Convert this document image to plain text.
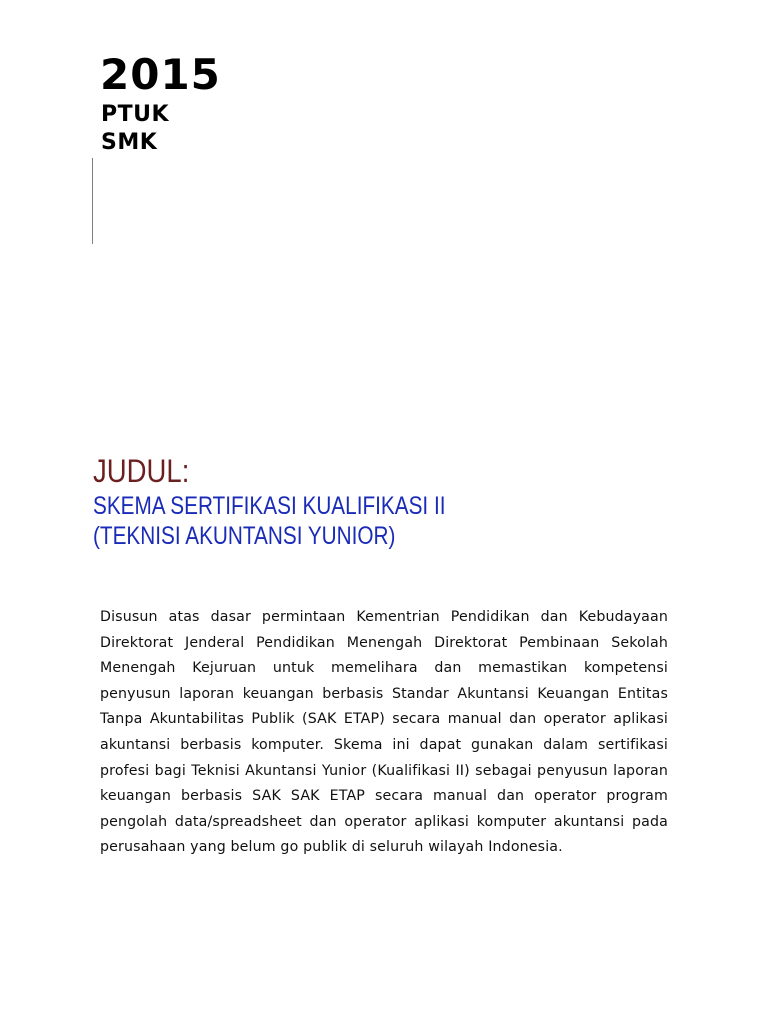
2015
PTUK
SMK
JUDUL:
SKEMA SERTIFIKASI KUALIFIKASI II
(TEKNISI AKUNTANSI YUNIOR)
Disusun atas dasar permintaan Kementrian Pendidikan dan Kebudayaan Direktorat Jenderal Pendidikan Menengah Direktorat Pembinaan Sekolah Menengah Kejuruan untuk memelihara dan memastikan kompetensi penyusun laporan keuangan berbasis Standar Akuntansi Keuangan Entitas Tanpa Akuntabilitas Publik (SAK ETAP) secara manual dan operator aplikasi akuntansi berbasis komputer. Skema ini dapat gunakan dalam sertifikasi profesi bagi Teknisi Akuntansi Yunior (Kualifikasi II) sebagai penyusun laporan keuangan berbasis SAK SAK ETAP secara manual dan operator program pengolah data/spreadsheet dan operator aplikasi komputer akuntansi pada perusahaan yang belum go publik di seluruh wilayah Indonesia.
